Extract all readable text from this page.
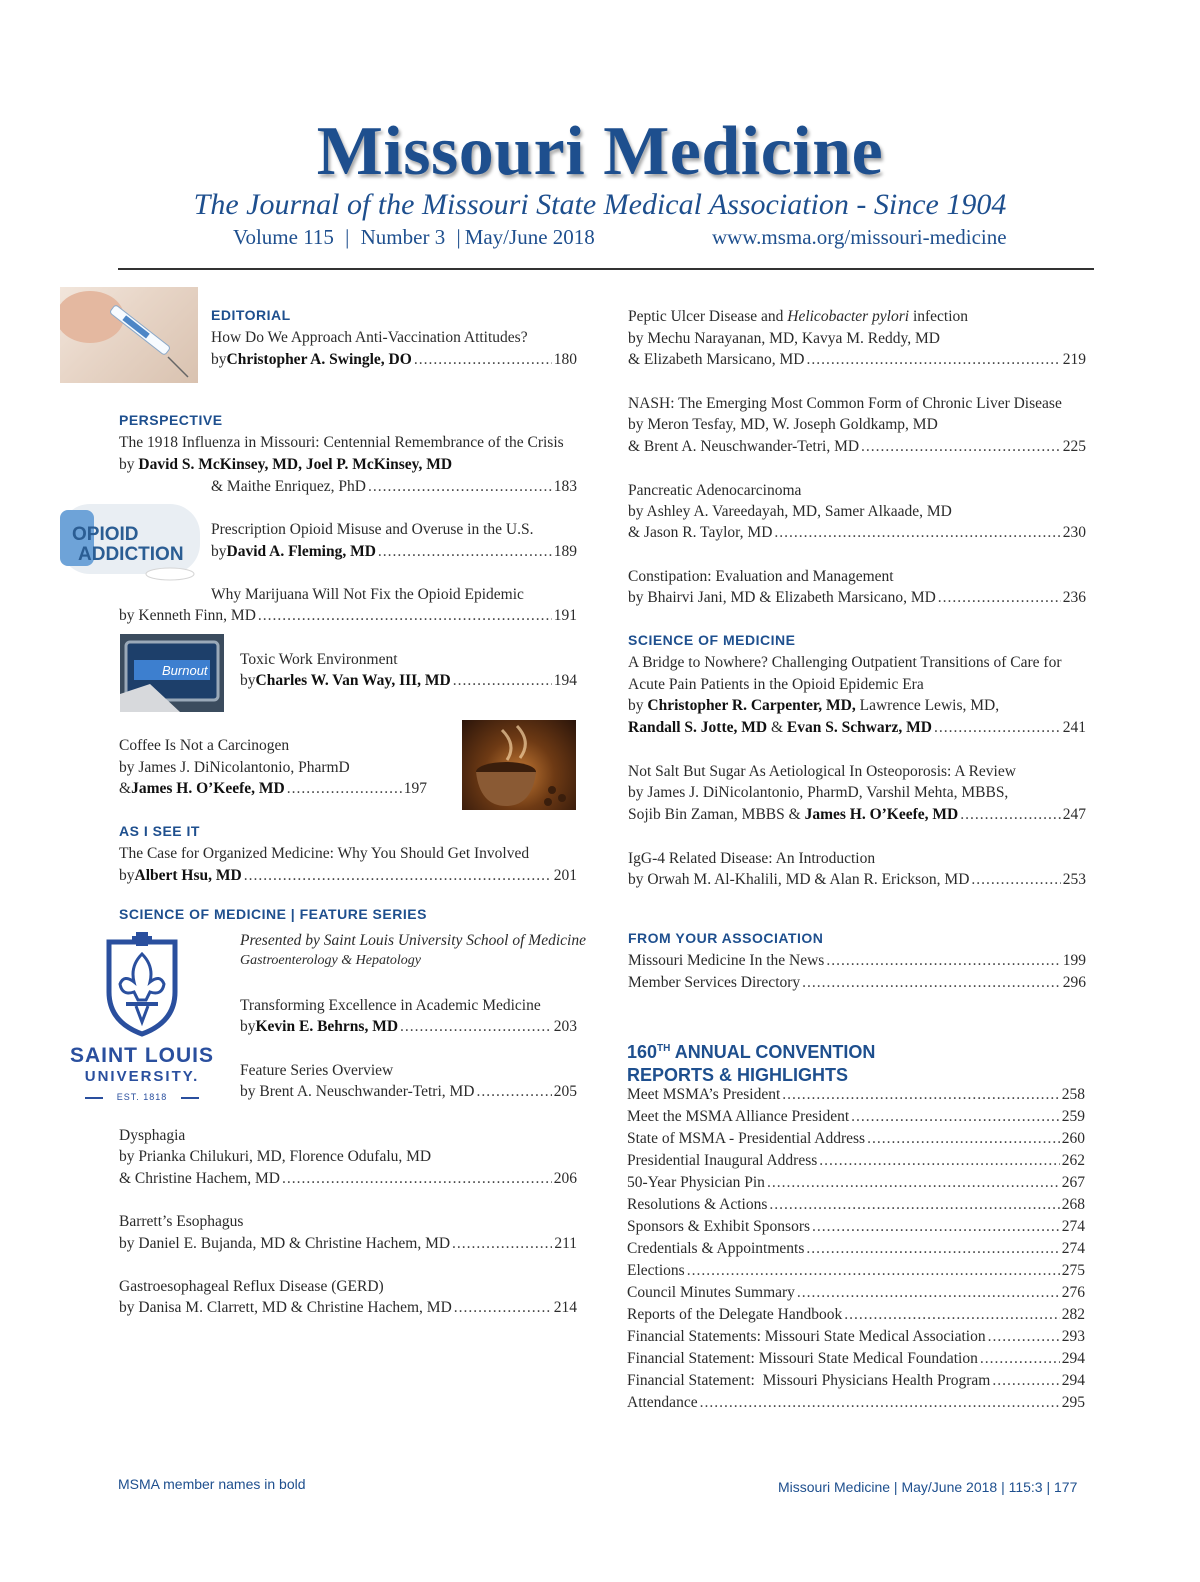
Missouri Medicine
The Journal of the Missouri State Medical Association - Since 1904
Volume 115 | Number 3 | May/June 2018	www.msma.org/missouri-medicine
EDITORIAL
How Do We Approach Anti-Vaccination Attitudes?
by Christopher A. Swingle, DO .....	180
PERSPECTIVE
The 1918 Influenza in Missouri: Centennial Remembrance of the Crisis
by David S. McKinsey, MD, Joel P. McKinsey, MD
& Maithe Enriquez, PhD .....	183
OPIOID
ADDICTION
Prescription Opioid Misuse and Overuse in the U.S.
by David A. Fleming, MD .....	189
Why Marijuana Will Not Fix the Opioid Epidemic
by Kenneth Finn, MD .....	191
Burnout
Toxic Work Environment
by Charles W. Van Way, III, MD .....	194
Coffee Is Not a Carcinogen
by James J. DiNicolantonio, PharmD
& James H. O’Keefe, MD .....	197
AS I SEE IT
The Case for Organized Medicine: Why You Should Get Involved
by Albert Hsu, MD .....	201
SCIENCE OF MEDICINE | FEATURE SERIES
SAINT LOUIS
UNIVERSITY.
EST. 1818
Presented by Saint Louis University School of Medicine
Gastroenterology & Hepatology
Transforming Excellence in Academic Medicine
by Kevin E. Behrns, MD .....	203
Feature Series Overview
by Brent A. Neuschwander-Tetri, MD .....	205
Dysphagia
by Prianka Chilukuri, MD, Florence Odufalu, MD
& Christine Hachem, MD .....	206
Barrett’s Esophagus
by Daniel E. Bujanda, MD & Christine Hachem, MD .....	211
Gastroesophageal Reflux Disease (GERD)
by Danisa M. Clarrett, MD & Christine Hachem, MD .....	214
Peptic Ulcer Disease and Helicobacter pylori infection
by Mechu Narayanan, MD, Kavya M. Reddy, MD
& Elizabeth Marsicano, MD .....	219
NASH: The Emerging Most Common Form of Chronic Liver Disease
by Meron Tesfay, MD, W. Joseph Goldkamp, MD
& Brent A. Neuschwander-Tetri, MD .....	225
Pancreatic Adenocarcinoma
by Ashley A. Vareedayah, MD, Samer Alkaade, MD
& Jason R. Taylor, MD .....	230
Constipation: Evaluation and Management
by Bhairvi Jani, MD & Elizabeth Marsicano, MD .....	236
SCIENCE OF MEDICINE
A Bridge to Nowhere? Challenging Outpatient Transitions of Care for
Acute Pain Patients in the Opioid Epidemic Era
by Christopher R. Carpenter, MD, Lawrence Lewis, MD,
Randall S. Jotte, MD & Evan S. Schwarz, MD .....	241
Not Salt But Sugar As Aetiological In Osteoporosis: A Review
by James J. DiNicolantonio, PharmD, Varshil Mehta, MBBS,
Sojib Bin Zaman, MBBS & James H. O’Keefe, MD .....	247
IgG-4 Related Disease: An Introduction
by Orwah M. Al-Khalili, MD & Alan R. Erickson, MD .....	253
FROM YOUR ASSOCIATION
Missouri Medicine In the News .....	199
Member Services Directory .....	296
160TH ANNUAL CONVENTION
REPORTS & HIGHLIGHTS
Meet MSMA’s President .....	258
Meet the MSMA Alliance President .....	259
State of MSMA - Presidential Address .....	260
Presidential Inaugural Address .....	262
50-Year Physician Pin .....	267
Resolutions & Actions .....	268
Sponsors & Exhibit Sponsors .....	274
Credentials & Appointments .....	274
Elections .....	275
Council Minutes Summary .....	276
Reports of the Delegate Handbook .....	282
Financial Statements: Missouri State Medical Association .....	293
Financial Statement: Missouri State Medical Foundation .....	294
Financial Statement:  Missouri Physicians Health Program .....	294
Attendance .....	295
MSMA member names in bold	Missouri Medicine | May/June 2018 | 115:3 | 177
